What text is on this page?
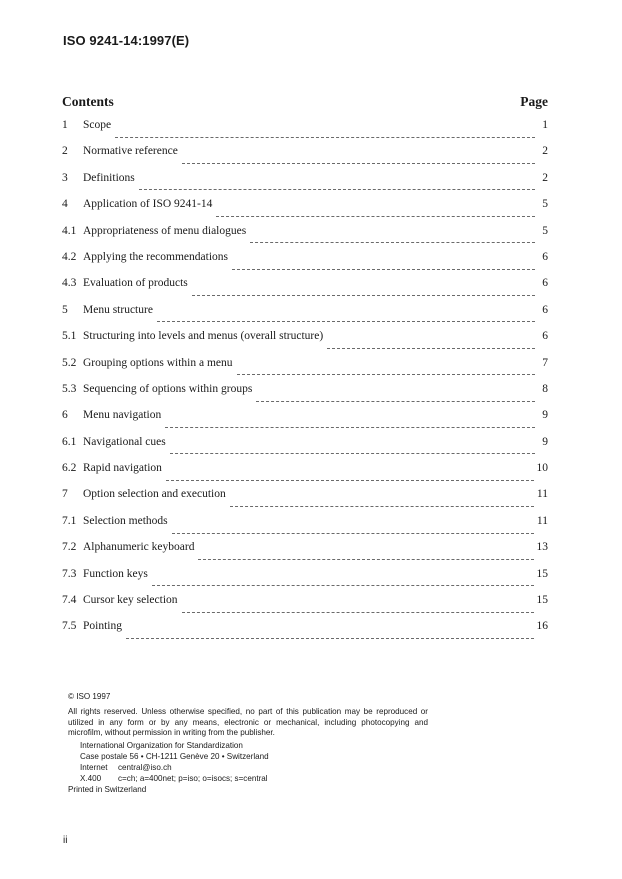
ISO 9241-14:1997(E)
Contents	Page
1	Scope	1
2	Normative reference	2
3	Definitions	2
4	Application of ISO 9241-14	5
4.1 Appropriateness of menu dialogues	5
4.2 Applying the recommendations	6
4.3 Evaluation of products	6
5	Menu structure	6
5.1 Structuring into levels and menus (overall structure)	6
5.2 Grouping options within a menu	7
5.3 Sequencing of options within groups	8
6	Menu navigation	9
6.1 Navigational cues	9
6.2 Rapid navigation	10
7	Option selection and execution	11
7.1 Selection methods	11
7.2 Alphanumeric keyboard	13
7.3 Function keys	15
7.4 Cursor key selection	15
7.5 Pointing	16

© ISO 1997

All rights reserved. Unless otherwise specified, no part of this publication may be reproduced or utilized in any form or by any means, electronic or mechanical, including photocopying and microfilm, without permission in writing from the publisher.

International Organization for Standardization
Case postale 56 • CH-1211 Genève 20 • Switzerland
Internet	central@iso.ch
X.400	c=ch; a=400net; p=iso; o=isocs; s=central

Printed in Switzerland

ii
